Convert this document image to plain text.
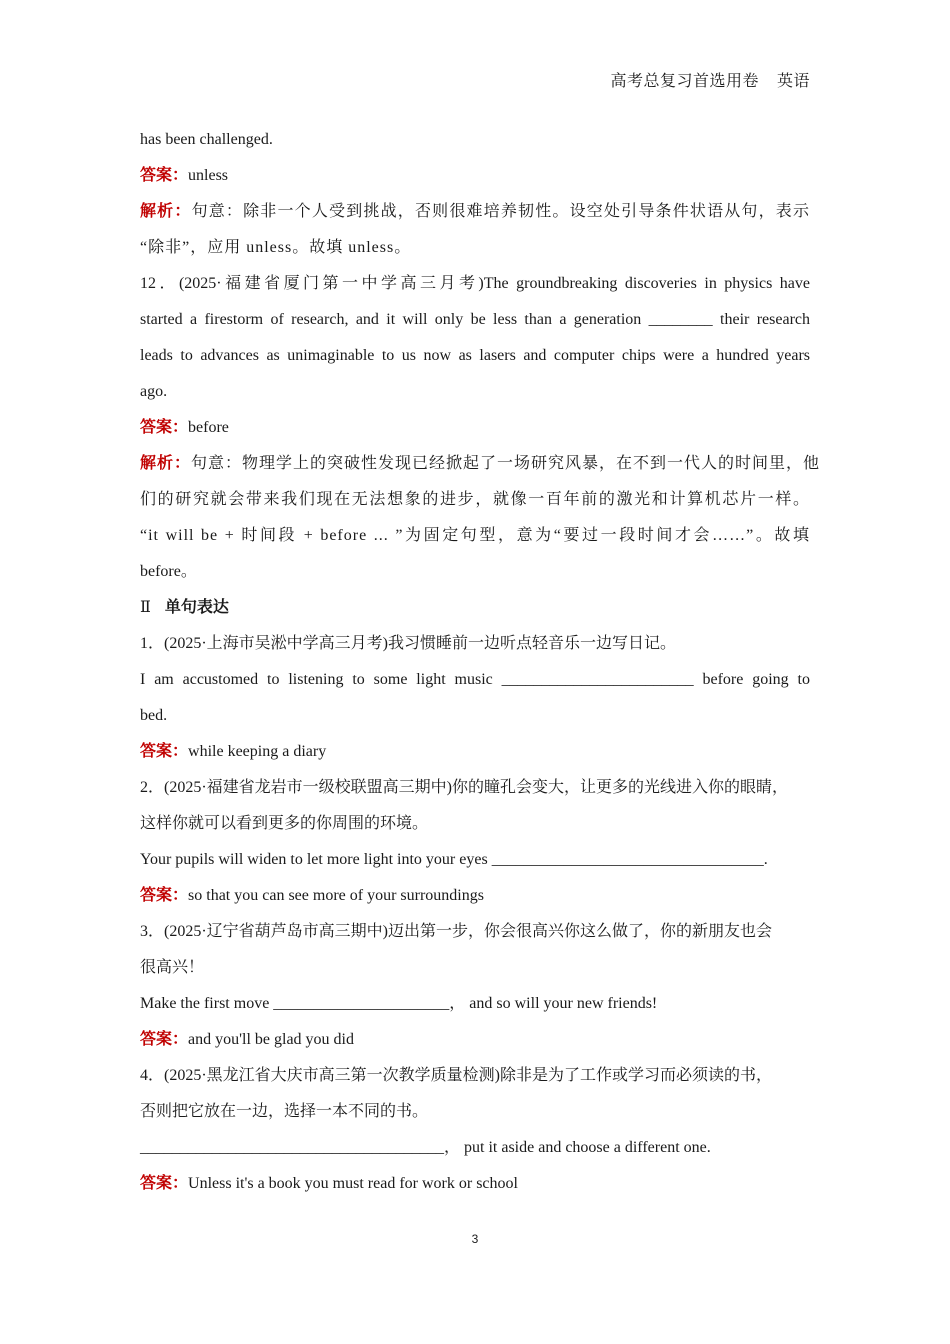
高考总复习首选用卷 英语
has been challenged.
答案：unless
解析：句意：除非一个人受到挑战，否则很难培养韧性。设空处引导条件状语从句，表示
“除非”，应用 unless。故填 unless。
12．(2025·福建省厦门第一中学高三月考)The groundbreaking discoveries in physics have
started a firestorm of research, and it will only be less than a generation ________ their research
leads to advances as unimaginable to us now as lasers and computer chips were a hundred years
ago.
答案：before
解析：句意：物理学上的突破性发现已经掀起了一场研究风暴，在不到一代人的时间里，他
们的研究就会带来我们现在无法想象的进步，就像一百年前的激光和计算机芯片一样。
“it will be + 时间段 + before ... ”为固定句型，意为“要过一段时间才会……”。故填
before。
Ⅱ 单句表达
1．(2025·上海市吴淞中学高三月考)我习惯睡前一边听点轻音乐一边写日记。
I am accustomed to listening to some light music ________________________ before going to
bed.
答案：while keeping a diary
2．(2025·福建省龙岩市一级校联盟高三期中)你的瞳孔会变大，让更多的光线进入你的眼睛，
这样你就可以看到更多的你周围的环境。
Your pupils will widen to let more light into your eyes __________________________________.
答案：so that you can see more of your surroundings
3．(2025·辽宁省葫芦岛市高三期中)迈出第一步，你会很高兴你这么做了，你的新朋友也会
很高兴！
Make the first move ______________________， and so will your new friends!
答案：and you'll be glad you did
4．(2025·黑龙江省大庆市高三第一次教学质量检测)除非是为了工作或学习而必须读的书，
否则把它放在一边，选择一本不同的书。
______________________________________， put it aside and choose a different one.
答案：Unless it's a book you must read for work or school
3
